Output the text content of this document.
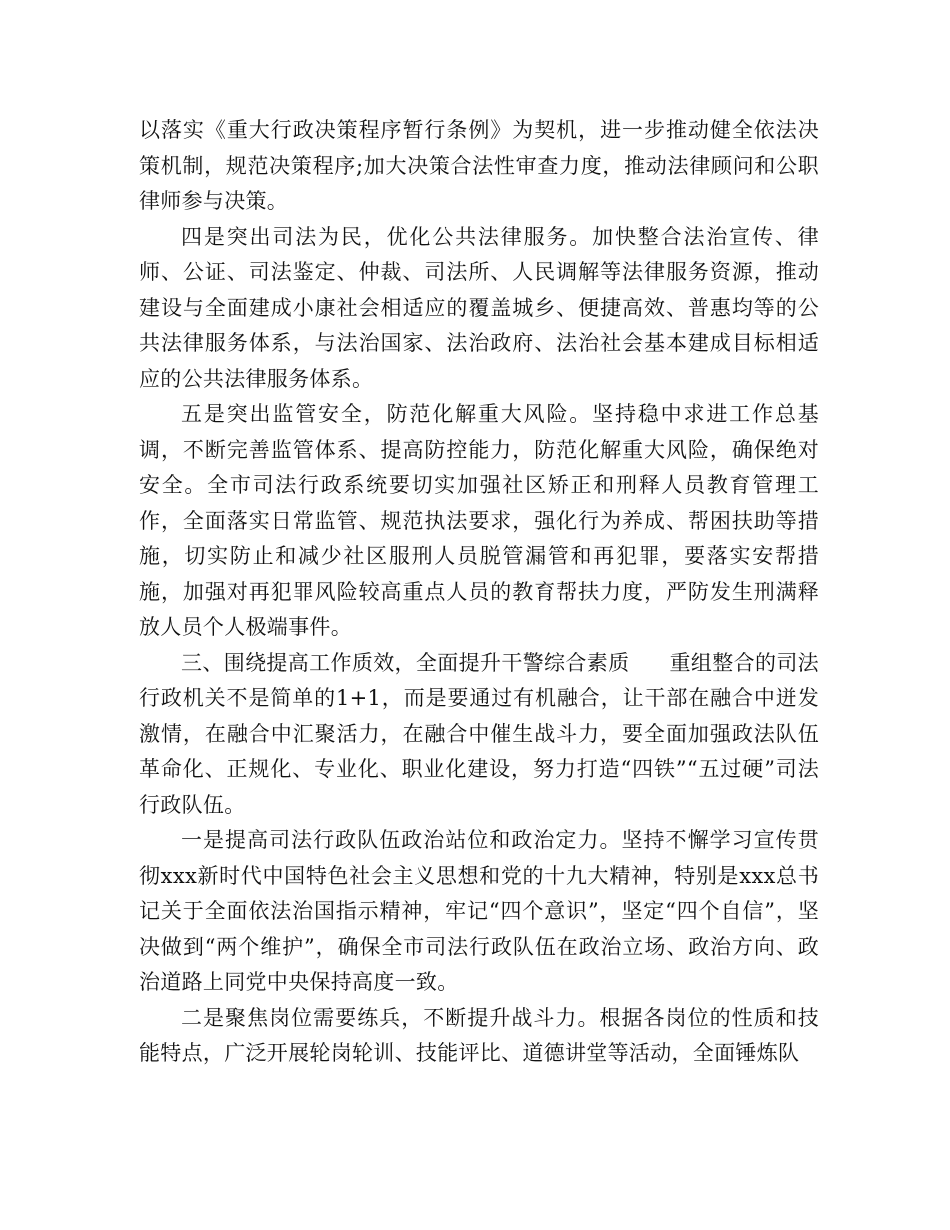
以落实《重大行政决策程序暂行条例》为契机，进一步推动健全依法决策机制，规范决策程序;加大决策合法性审查力度，推动法律顾问和公职律师参与决策。

四是突出司法为民，优化公共法律服务。加快整合法治宣传、律师、公证、司法鉴定、仲裁、司法所、人民调解等法律服务资源，推动建设与全面建成小康社会相适应的覆盖城乡、便捷高效、普惠均等的公共法律服务体系，与法治国家、法治政府、法治社会基本建成目标相适应的公共法律服务体系。

五是突出监管安全，防范化解重大风险。坚持稳中求进工作总基调，不断完善监管体系、提高防控能力，防范化解重大风险，确保绝对安全。全市司法行政系统要切实加强社区矫正和刑释人员教育管理工作，全面落实日常监管、规范执法要求，强化行为养成、帮困扶助等措施，切实防止和减少社区服刑人员脱管漏管和再犯罪，要落实安帮措施，加强对再犯罪风险较高重点人员的教育帮扶力度，严防发生刑满释放人员个人极端事件。

三、围绕提高工作质效，全面提升干警综合素质 重组整合的司法行政机关不是简单的1+1，而是要通过有机融合，让干部在融合中迸发激情，在融合中汇聚活力，在融合中催生战斗力，要全面加强政法队伍革命化、正规化、专业化、职业化建设，努力打造“四铁”“五过硬”司法行政队伍。

一是提高司法行政队伍政治站位和政治定力。坚持不懈学习宣传贯彻xxx新时代中国特色社会主义思想和党的十九大精神，特别是xxx总书记关于全面依法治国指示精神，牢记“四个意识”，坚定“四个自信”，坚决做到“两个维护”，确保全市司法行政队伍在政治立场、政治方向、政治道路上同党中央保持高度一致。

二是聚焦岗位需要练兵，不断提升战斗力。根据各岗位的性质和技能特点，广泛开展轮岗轮训、技能评比、道德讲堂等活动，全面锤炼队
